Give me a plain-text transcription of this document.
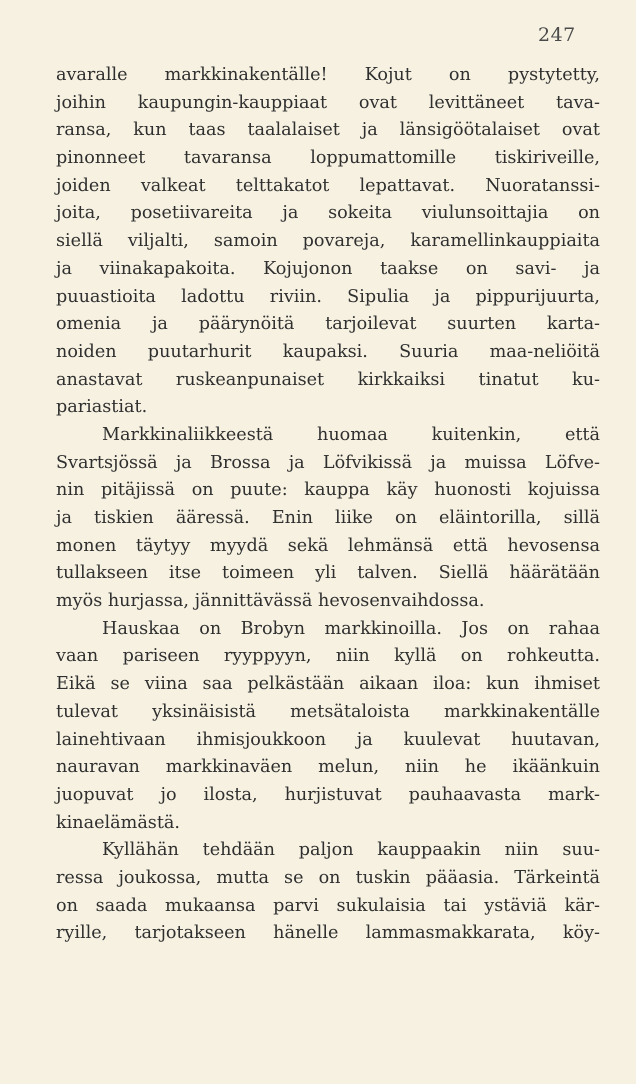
247
avaralle markkinakentälle! Kojut on pystytetty,
joihin kaupungin-kauppiaat ovat levittäneet tava-
ransa, kun taas taalalaiset ja länsigöötalaiset ovat
pinonneet tavaransa loppumattomille tiskiriveille,
joiden valkeat telttakatot lepattavat. Nuoratanssi-
joita, posetiivareita ja sokeita viulunsoittajia on
siellä viljalti, samoin povareja, karamellinkauppiaita
ja viinakapakoita. Kojujonon taakse on savi- ja
puuastioita ladottu riviin. Sipulia ja pippurijuurta,
omenia ja päärynöitä tarjoilevat suurten karta-
noiden puutarhurit kaupaksi. Suuria maa-neliöitä
anastavat ruskeanpunaiset kirkkaiksi tinatut ku-
pariastiat.
Markkinaliikkeestä huomaa kuitenkin, että
Svartsjössä ja Brossa ja Löfvikissä ja muissa Löfve-
nin pitäjissä on puute: kauppa käy huonosti kojuissa
ja tiskien ääressä. Enin liike on eläintorilla, sillä
monen täytyy myydä sekä lehmänsä että hevosensa
tullakseen itse toimeen yli talven. Siellä häärätään
myös hurjassa, jännittävässä hevosenvaihdossa.
Hauskaa on Brobyn markkinoilla. Jos on rahaa
vaan pariseen ryyppyyn, niin kyllä on rohkeutta.
Eikä se viina saa pelkästään aikaan iloa: kun ihmiset
tulevat yksinäisistä metsätaloista markkinakentälle
lainehtivaan ihmisjoukkoon ja kuulevat huutavan,
nauravan markkinaväen melun, niin he ikäänkuin
juopuvat jo ilosta, hurjistuvat pauhaavasta mark-
kinaelämästä.
Kyllähän tehdään paljon kauppaakin niin suu-
ressa joukossa, mutta se on tuskin pääasia. Tärkeintä
on saada mukaansa parvi sukulaisia tai ystäviä kär-
ryille, tarjotakseen hänelle lammasmakkarata, köy-
